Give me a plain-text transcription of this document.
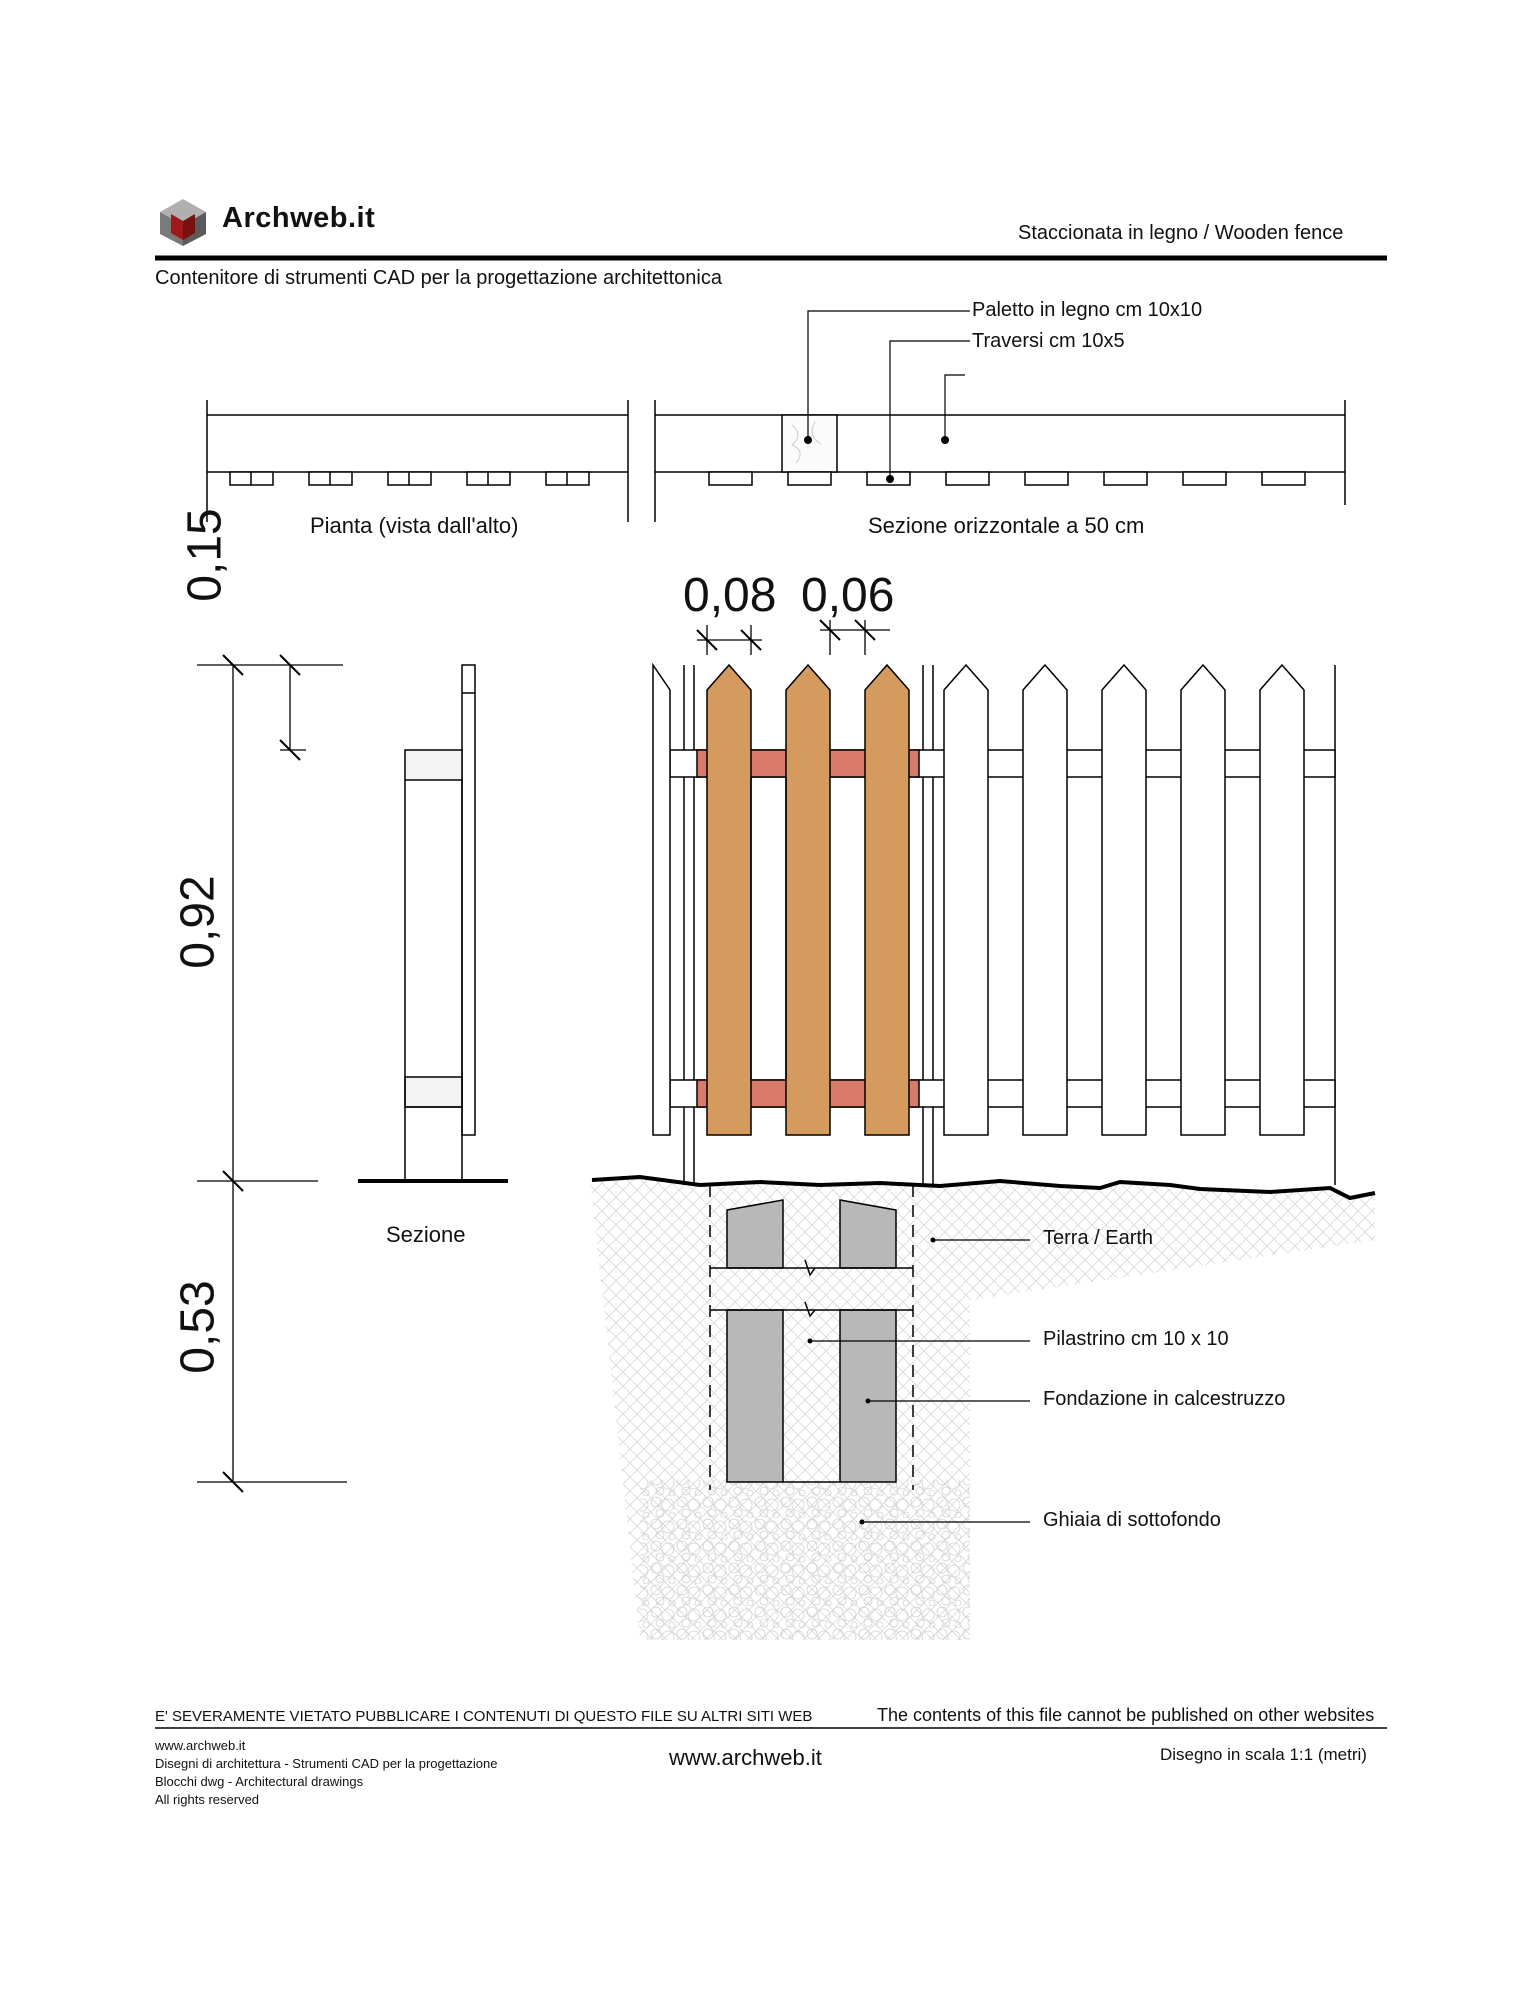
Archweb.it	Staccionata in legno / Wooden fence
Contenitore di strumenti CAD per la progettazione architettonica
Paletto in legno cm 10x10
Traversi cm 10x5
Pianta (vista dall'alto)	Sezione orizzontale a 50 cm
Sezione
0,08 0,06
0,15
0,92
0,53
Terra / Earth
Pilastrino cm 10 x 10
Fondazione in calcestruzzo
Ghiaia di sottofondo
E' SEVERAMENTE VIETATO PUBBLICARE I CONTENUTI DI QUESTO FILE SU ALTRI SITI WEB	The contents of this file cannot be published on other websites
www.archweb.it
Disegni di architettura - Strumenti CAD per la progettazione
Blocchi dwg - Architectural drawings
All rights reserved
www.archweb.it	Disegno in scala 1:1 (metri)
